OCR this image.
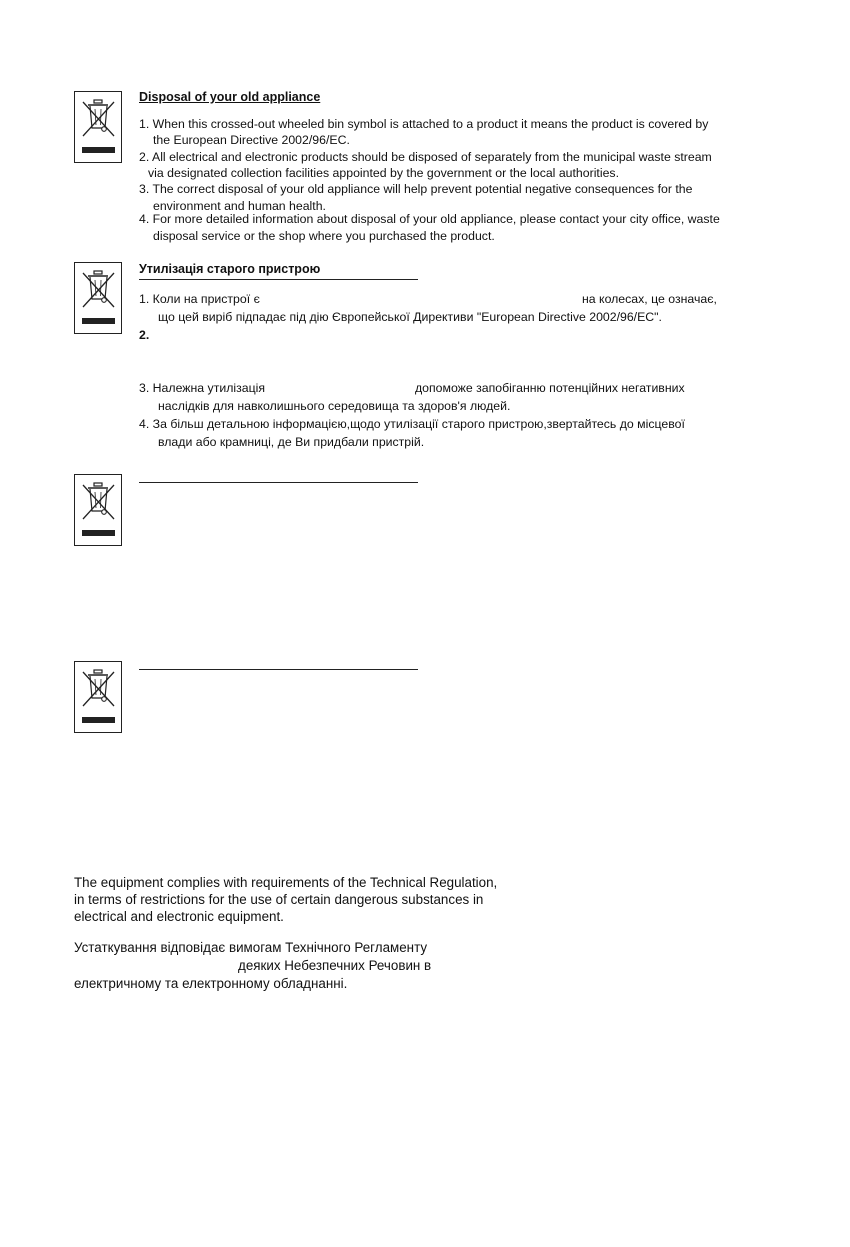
Disposal of your old appliance
1. When this crossed-out wheeled bin symbol is attached to a product it means the product is covered by
the European Directive 2002/96/EC.
2. All electrical and electronic products should be disposed of separately from the municipal waste stream
via designated collection facilities appointed by the government or the local authorities.
3. The correct disposal of your old appliance will help prevent potential negative consequences for the
environment and human health.
4. For more detailed information about disposal of your old appliance, please contact your city office, waste
disposal service or the shop where you purchased the product.
Утилізація старого пристрою
1. Коли на пристрої є	на колесах, це означає,
що цей виріб підпадає під дію Європейської Директиви "European Directive 2002/96/EC".
2.
3. Належна утилізація	допоможе запобіганню потенційних негативних
наслідків для навколишнього середовища та здоров'я людей.
4. За більш детальною інформацією,щодо утилізації старого пристрою,звертайтесь до місцевої
влади або крамниці, де Ви придбали пристрій.
The equipment complies with requirements of the Technical Regulation,
in terms of restrictions for the use of certain dangerous substances in
electrical and electronic equipment.
Устаткування відповідає вимогам Технічного Регламенту
деяких Небезпечних Речовин в
електричному та електронному обладнанні.
